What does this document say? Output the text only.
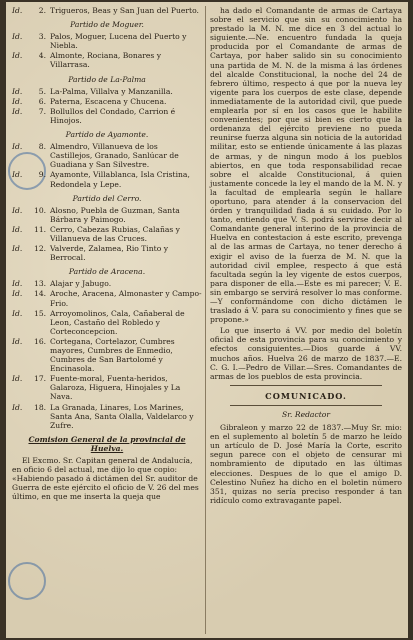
Id.	2. Trigueros, Beas y San Juan del Puerto.
Partido de Moguer.
Id.	3. Palos, Moguer, Lucena del Puerto y Niebla.
Id.	4. Almonte, Rociana, Bonares y Villarrasa.
Partido de La-Palma
Id.	5. La-Palma, Villalva y Manzanilla.
Id.	6. Paterna, Escacena y Chucena.
Id.	7. Bollullos del Condado, Carrion é Hinojos.
Partido de Ayamonte.
Id.	8. Almendro, Villanueva de los Castillejos, Granado, Sanlúcar de Guadiana y San Silvestre.
Id.	9. Ayamonte, Villablanca, Isla Cristina, Redondela y Lepe.
Partido del Cerro.
Id.	10. Alosno, Puebla de Guzman, Santa Bárbara y Paimogo.
Id.	11. Cerro, Cabezas Rubias, Calañas y Villanueva de las Cruces.
Id.	12. Valverde, Zalamea, Rio Tinto y Berrocal.
Partido de Aracena.
Id.	13. Alajar y Jabugo.
Id.	14. Aroche, Aracena, Almonaster y Campo-Frio.
Id.	15. Arroyomolinos, Cala, Cañaberal de Leon, Castaño del Robledo y Corteconcepcion.
Id.	16. Cortegana, Cortelazor, Cumbres mayores, Cumbres de Enmedio, Cumbres de San Bartolomé y Encinasola.
Id.	17. Fuente-moral, Fuenta-heridos, Galaroza, Higuera, Hinojales y La Nava.
Id.	18. La Granada, Linares, Los Marines, Santa Ana, Santa Olalla, Valdelarco y Zufre.
Comision General de la provincial de Huelva.

El Excmo. Sr. Capitan general de Andalucía, en oficio 6 del actual, me dijo lo que copio: «Habiendo pasado á dictámen del Sr. auditor de Guerra de este ejército el oficio de V. 26 del mes último, en que me inserta la queja que

ha dado el Comandante de armas de Cartaya sobre el servicio que sin su conocimiento ha prestado la M. N. me dice en 3 del actual lo siguiente.—Ne. encuentro fundada la queja producida por el Comandante de armas de Cartaya, por haber salido sin su conocimiento una partida de M. N. de la misma á las órdenes del alcalde Constitucional, la noche del 24 de febrero último, respecto á que por la nueva ley vigente para los cuerpos de este clase, depende inmediatamente de la autoridad civil, que puede emplearla por sí en los casos que le habilite convenientes; por que si bien es cierto que la ordenanza del ejército previene no pueda reunirse fuerza alguna sin noticia de la autoridad militar, esto se entiende únicamente á las plazas de armas, y de ningun modo á los pueblos abiertos, en que toda responsabilidad recae sobre el alcalde Constitucional, á quien justamente concede la ley el mando de la M. N. y la facultad de emplearla según le hallare oportuno, para atender á la conservacion del órden y tranquilidad fiada á su cuidado. Por lo tanto, entiendo que V. S. podrá servirse decir al Comandante general interino de la provincia de Huelva en contestacion á este escrito, prevenga al de las armas de Cartaya, no tener derecho á exigir el aviso de la fuerza de M. N. que la autoridad civil emplee, respecto á que está facultada según la ley vigente de estos cuerpos, para disponer de ella.—Este es mi parecer; V. E. sin embargo se servirá resolver lo mas conforme.—Y conformándome con dicho dictámen le traslado á V. para su conocimiento y fines que se propone.»

Lo que inserto á VV. por medio del boletín oficial de esta provincia para su conocimiento y efectos consiguientes.—Dios guarde á VV. muchos años. Huelva 26 de marzo de 1837.—E. C. G. I.—Pedro de Villar.—Sres. Comandantes de armas de los pueblos de esta provincia.

COMUNICADO.
Sr. Redactor

Gibraleon y marzo 22 de 1837.—Muy Sr. mio: en el suplemento al boletín 5 de marzo he leído un artículo de D. José María la Corte, escrito segun parece con el objeto de censurar mi nombramiento de diputado en las últimas elecciones. Despues de lo que el amigo D. Celestino Nuñez ha dicho en el boletin número 351, quizas no sería preciso responder á tan ridículo como extravagante papel.
